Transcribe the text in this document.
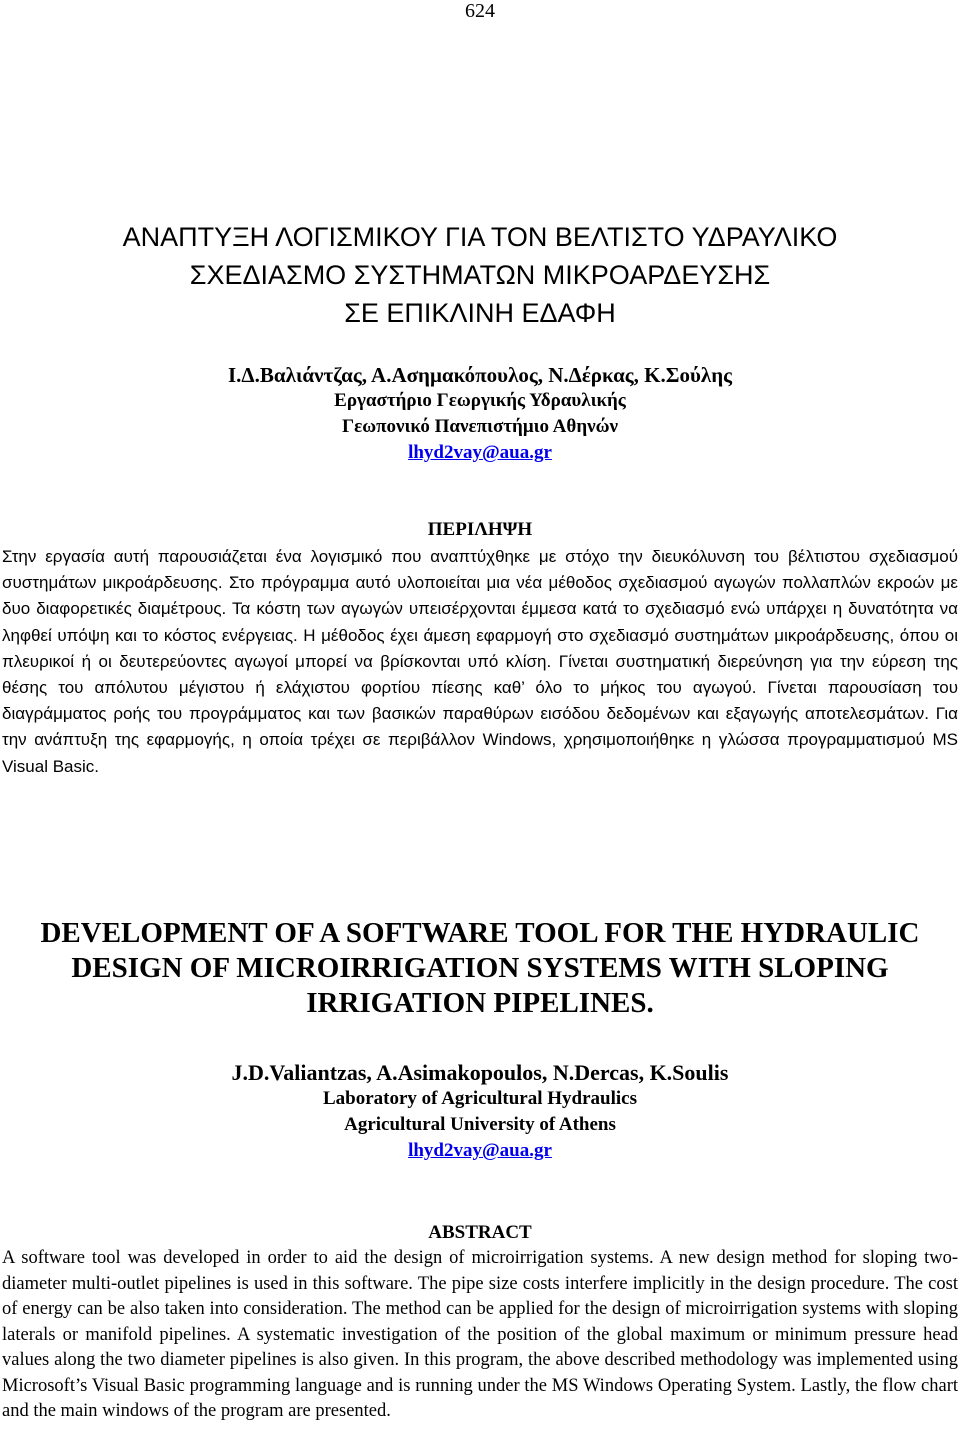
624
ΑΝΑΠΤΥΞΗ ΛΟΓΙΣΜΙΚΟΥ ΓΙΑ ΤΟΝ ΒΕΛΤΙΣΤΟ ΥΔΡΑΥΛΙΚΟ
ΣΧΕΔΙΑΣΜΟ ΣΥΣΤΗΜΑΤΩΝ ΜΙΚΡΟΑΡΔΕΥΣΗΣ
ΣΕ ΕΠΙΚΛΙΝΗ ΕΔΑΦΗ
Ι.Δ.Βαλιάντζας, Α.Ασημακόπουλος, Ν.Δέρκας, Κ.Σούλης
Εργαστήριο Γεωργικής Υδραυλικής
Γεωπονικό Πανεπιστήμιο Αθηνών
lhyd2vay@aua.gr
ΠΕΡΙΛΗΨΗ
Στην εργασία αυτή παρουσιάζεται ένα λογισμικό που αναπτύχθηκε με στόχο την διευκόλυνση του βέλτιστου σχεδιασμού συστημάτων μικροάρδευσης. Στο πρόγραμμα αυτό υλοποιείται μια νέα μέθοδος σχεδιασμού αγωγών πολλαπλών εκροών με δυο διαφορετικές διαμέτρους. Τα κόστη των αγωγών υπεισέρχονται έμμεσα κατά το σχεδιασμό ενώ υπάρχει η δυνατότητα να ληφθεί υπόψη και το κόστος ενέργειας. Η μέθοδος έχει άμεση εφαρμογή στο σχεδιασμό συστημάτων μικροάρδευσης, όπου οι πλευρικοί ή οι δευτερεύοντες αγωγοί μπορεί να βρίσκονται υπό κλίση. Γίνεται συστηματική διερεύνηση για την εύρεση της θέσης του απόλυτου μέγιστου ή ελάχιστου φορτίου πίεσης καθ’ όλο το μήκος του αγωγού. Γίνεται παρουσίαση του διαγράμματος ροής του προγράμματος και των βασικών παραθύρων εισόδου δεδομένων και εξαγωγής αποτελεσμάτων. Για την ανάπτυξη της εφαρμογής, η οποία τρέχει σε περιβάλλον Windows, χρησιμοποιήθηκε η γλώσσα προγραμματισμού MS Visual Basic.
DEVELOPMENT OF A SOFTWARE TOOL FOR THE HYDRAULIC
DESIGN OF MICROIRRIGATION SYSTEMS WITH SLOPING
IRRIGATION PIPELINES.
J.D.Valiantzas, A.Asimakopoulos, N.Dercas, K.Soulis
Laboratory of Agricultural Hydraulics
Agricultural University of Athens
lhyd2vay@aua.gr
ABSTRACT
A software tool was developed in order to aid the design of microirrigation systems. A new design method for sloping two-diameter multi-outlet pipelines is used in this software. The pipe size costs interfere implicitly in the design procedure. The cost of energy can be also taken into consideration. The method can be applied for the design of microirrigation systems with sloping laterals or manifold pipelines. A systematic investigation of the position of the global maximum or minimum pressure head values along the two diameter pipelines is also given. In this program, the above described methodology was implemented using Microsoft’s Visual Basic programming language and is running under the MS Windows Operating System. Lastly, the flow chart and the main windows of the program are presented.
